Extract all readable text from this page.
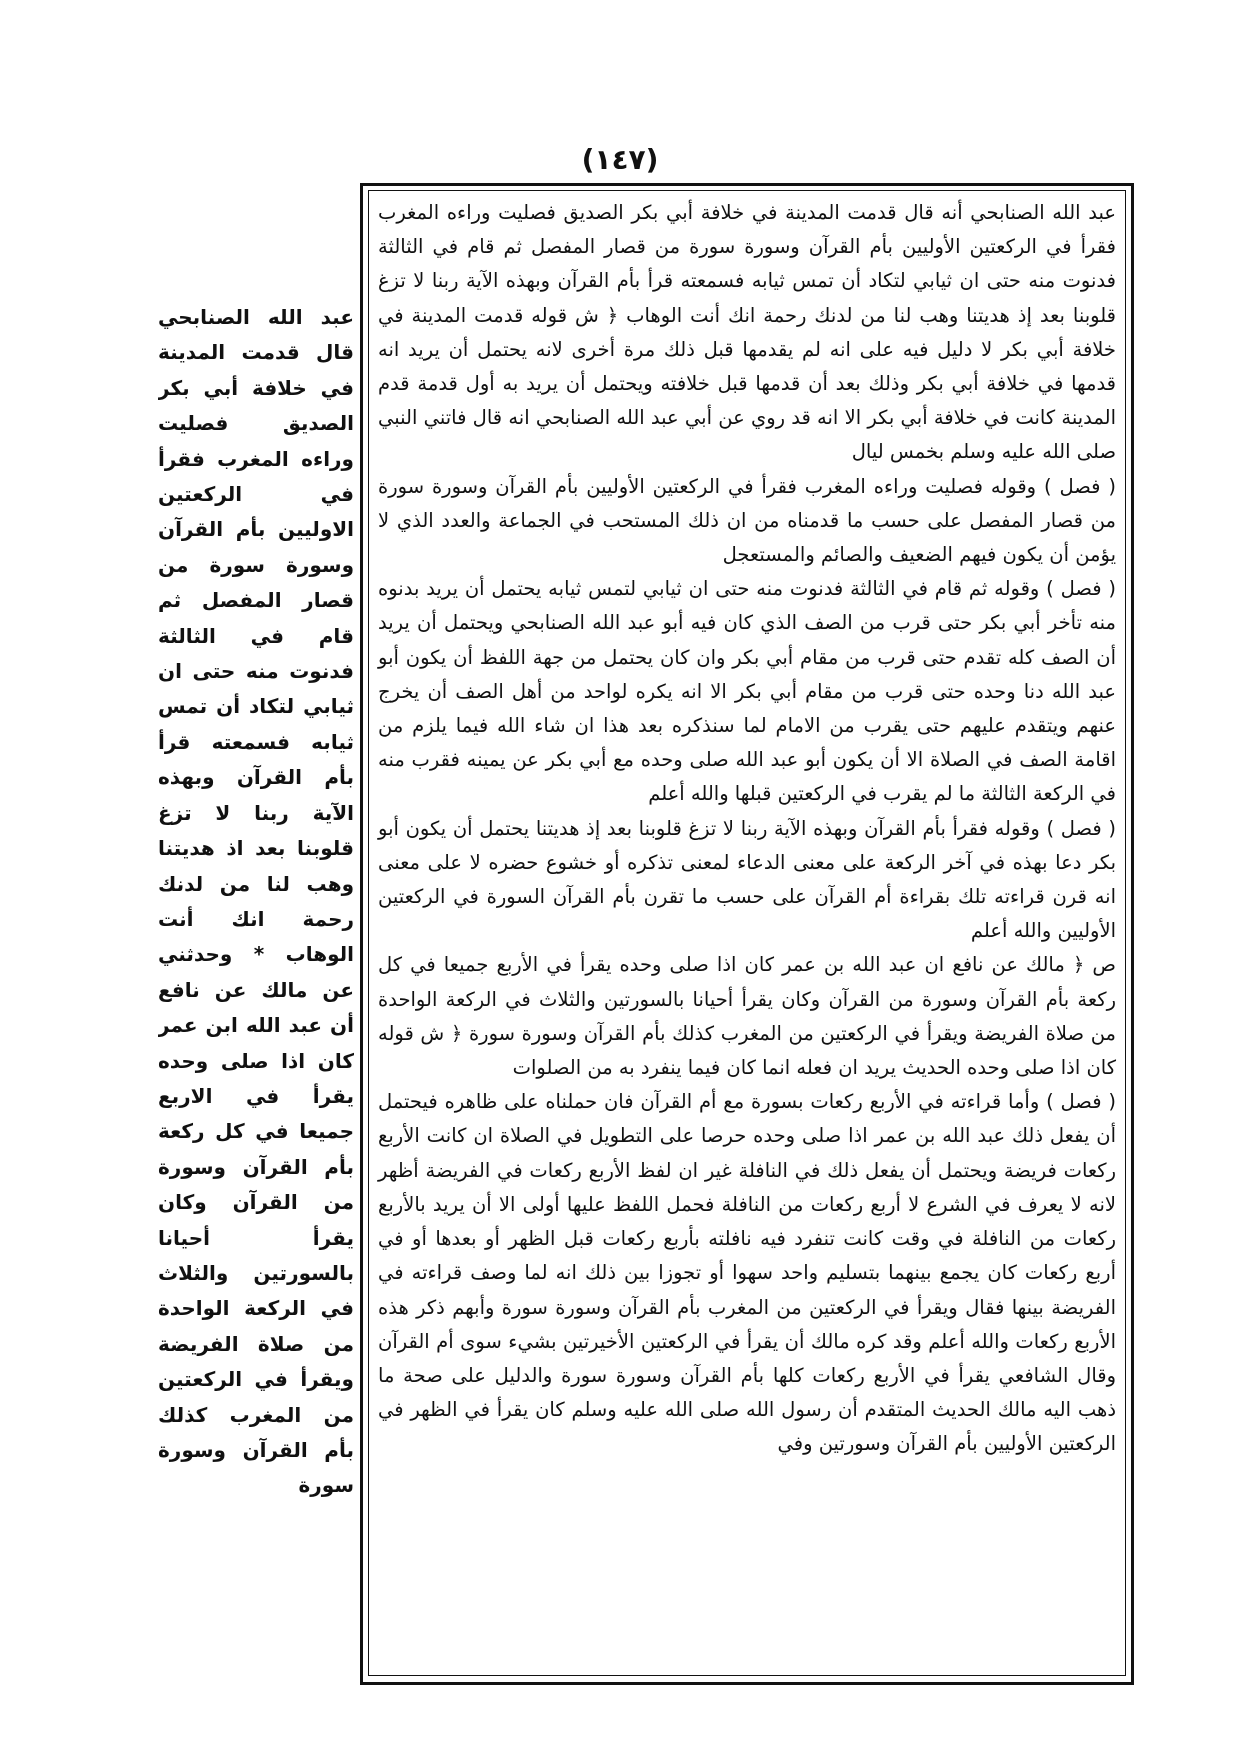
(١٤٧)

عبد الله الصنابحي أنه قال قدمت المدينة في خلافة أبي بكر الصديق فصليت وراءه المغرب فقرأ في الركعتين الأوليين بأم القرآن وسورة سورة من قصار المفصل ثم قام في الثالثة فدنوت منه حتى ان ثيابي لتكاد أن تمس ثيابه فسمعته قرأ بأم القرآن وبهذه الآية ربنا لا تزغ قلوبنا بعد إذ هديتنا وهب لنا من لدنك رحمة انك أنت الوهاب ﴿ ش قوله قدمت المدينة في خلافة أبي بكر لا دليل فيه على انه لم يقدمها قبل ذلك مرة أخرى لانه يحتمل أن يريد انه قدمها في خلافة أبي بكر وذلك بعد أن قدمها قبل خلافته ويحتمل أن يريد به أول قدمة قدم المدينة كانت في خلافة أبي بكر الا انه قد روي عن أبي عبد الله الصنابحي انه قال فاتني النبي صلى الله عليه وسلم بخمس ليال

( فصل ) وقوله فصليت وراءه المغرب فقرأ في الركعتين الأوليين بأم القرآن وسورة سورة من قصار المفصل على حسب ما قدمناه من ان ذلك المستحب في الجماعة والعدد الذي لا يؤمن أن يكون فيهم الضعيف والصائم والمستعجل

( فصل ) وقوله ثم قام في الثالثة فدنوت منه حتى ان ثيابي لتمس ثيابه يحتمل أن يريد بدنوه منه تأخر أبي بكر حتى قرب من الصف الذي كان فيه أبو عبد الله الصنابحي ويحتمل أن يريد أن الصف كله تقدم حتى قرب من مقام أبي بكر وان كان يحتمل من جهة اللفظ أن يكون أبو عبد الله دنا وحده حتى قرب من مقام أبي بكر الا انه يكره لواحد من أهل الصف أن يخرج عنهم ويتقدم عليهم حتى يقرب من الامام لما سنذكره بعد هذا ان شاء الله فيما يلزم من اقامة الصف في الصلاة الا أن يكون أبو عبد الله صلى وحده مع أبي بكر عن يمينه فقرب منه في الركعة الثالثة ما لم يقرب في الركعتين قبلها والله أعلم

( فصل ) وقوله فقرأ بأم القرآن وبهذه الآية ربنا لا تزغ قلوبنا بعد إذ هديتنا يحتمل أن يكون أبو بكر دعا بهذه في آخر الركعة على معنى الدعاء لمعنى تذكره أو خشوع حضره لا على معنى انه قرن قراءته تلك بقراءة أم القرآن على حسب ما تقرن بأم القرآن السورة في الركعتين الأوليين والله أعلم

ص ﴿ مالك عن نافع ان عبد الله بن عمر كان اذا صلى وحده يقرأ في الأربع جميعا في كل ركعة بأم القرآن وسورة من القرآن وكان يقرأ أحيانا بالسورتين والثلاث في الركعة الواحدة من صلاة الفريضة ويقرأ في الركعتين من المغرب كذلك بأم القرآن وسورة سورة ﴿ ش قوله كان اذا صلى وحده الحديث يريد ان فعله انما كان فيما ينفرد به من الصلوات

( فصل ) وأما قراءته في الأربع ركعات بسورة مع أم القرآن فان حملناه على ظاهره فيحتمل أن يفعل ذلك عبد الله بن عمر اذا صلى وحده حرصا على التطويل في الصلاة ان كانت الأربع ركعات فريضة ويحتمل أن يفعل ذلك في النافلة غير ان لفظ الأربع ركعات في الفريضة أظهر لانه لا يعرف في الشرع لا أربع ركعات من النافلة فحمل اللفظ عليها أولى الا أن يريد بالأربع ركعات من النافلة في وقت كانت تنفرد فيه نافلته بأربع ركعات قبل الظهر أو بعدها أو في أربع ركعات كان يجمع بينهما بتسليم واحد سهوا أو تجوزا بين ذلك انه لما وصف قراءته في الفريضة بينها فقال ويقرأ في الركعتين من المغرب بأم القرآن وسورة سورة وأبهم ذكر هذه الأربع ركعات والله أعلم وقد كره مالك أن يقرأ في الركعتين الأخيرتين بشيء سوى أم القرآن وقال الشافعي يقرأ في الأربع ركعات كلها بأم القرآن وسورة سورة والدليل على صحة ما ذهب اليه مالك الحديث المتقدم أن رسول الله صلى الله عليه وسلم كان يقرأ في الظهر في الركعتين الأوليين بأم القرآن وسورتين وفي

عبد الله الصنابحي قال قدمت المدينة في خلافة أبي بكر الصديق فصليت وراءه المغرب فقرأ في الركعتين الاوليين بأم القرآن وسورة سورة من قصار المفصل ثم قام في الثالثة فدنوت منه حتى ان ثيابي لتكاد أن تمس ثيابه فسمعته قرأ بأم القرآن وبهذه الآية ربنا لا تزغ قلوبنا بعد اذ هديتنا وهب لنا من لدنك رحمة انك أنت الوهاب * وحدثني عن مالك عن نافع أن عبد الله ابن عمر كان اذا صلى وحده يقرأ في الاربع جميعا في كل ركعة بأم القرآن وسورة من القرآن وكان يقرأ أحيانا بالسورتين والثلاث في الركعة الواحدة من صلاة الفريضة ويقرأ في الركعتين من المغرب كذلك بأم القرآن وسورة سورة
